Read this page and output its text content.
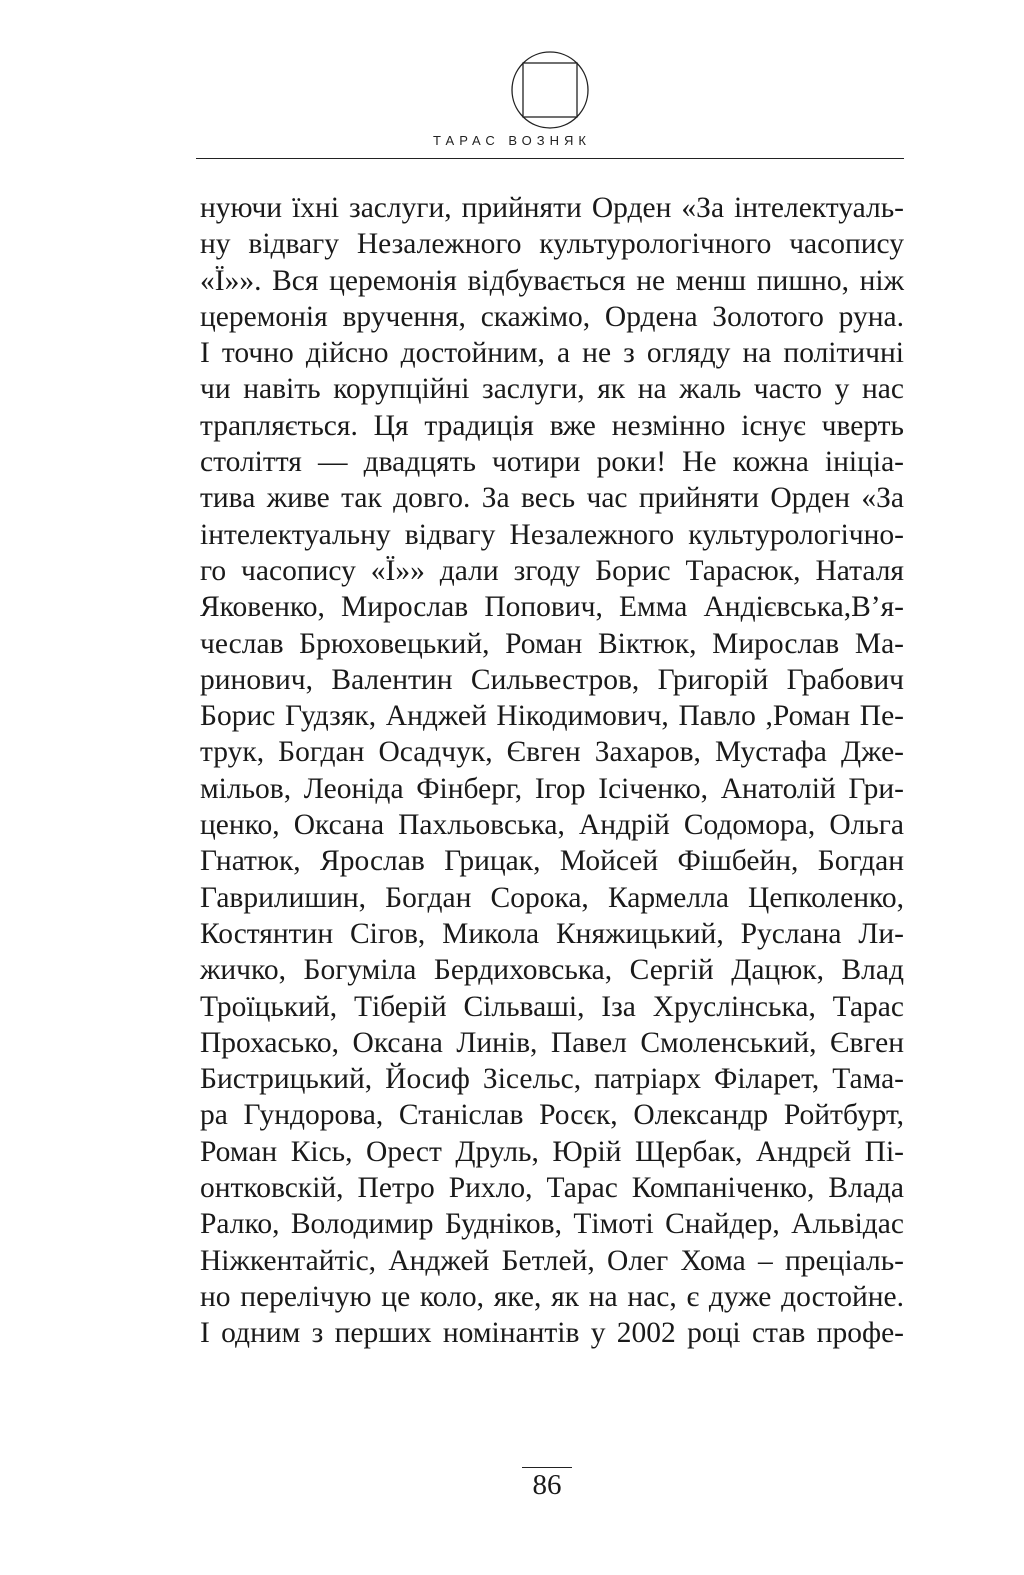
ТАРАС ВОЗНЯК
нуючи їхні заслуги, прийняти Орден «За інтелектуаль-
ну відвагу Незалежного культурологічного часопису
«Ї»». Вся церемонія відбувається не менш пишно, ніж
церемонія вручення, скажімо, Ордена Золотого руна.
І точно дійсно достойним, а не з огляду на політичні
чи навіть корупційні заслуги, як на жаль часто у нас
трапляється. Ця традиція вже незмінно існує чверть
століття — двадцять чотири роки! Не кожна ініціа-
тива живе так довго. За весь час прийняти Орден «За
інтелектуальну відвагу Незалежного культурологічно-
го часопису «Ї»» дали згоду Борис Тарасюк, Наталя
Яковенко, Мирослав Попович, Емма Андієвська,В’я-
чеслав Брюховецький, Роман Віктюк, Мирослав Ма-
ринович, Валентин Сильвестров, Григорій Грабович
Борис Гудзяк, Анджей Нікодимович, Павло ,Роман Пе-
трук, Богдан Осадчук, Євген Захаров, Мустафа Дже-
мільов, Леоніда Фінберг, Ігор Ісіченко, Анатолій Гри-
ценко, Оксана Пахльовська, Андрій Содомора, Ольга
Гнатюк, Ярослав Грицак, Мойсей Фішбейн, Богдан
Гаврилишин, Богдан Сорока, Кармелла Цепколенко,
Костянтин Сігов, Микола Княжицький, Руслана Ли-
жичко, Богуміла Бердиховська, Сергій Дацюк, Влад
Троїцький, Тіберій Сільваші, Іза Хруслінська, Тарас
Прохасько, Оксана Линів, Павел Смоленський, Євген
Бистрицький, Йосиф Зісельс, патріарх Філарет, Тама-
ра Гундорова, Станіслав Росєк, Олександр Ройтбурт,
Роман Кісь, Орест Друль, Юрій Щербак, Андрєй Пі-
онтковскій, Петро Рихло, Тарас Компаніченко, Влада
Ралко, Володимир Будніков, Тімоті Снайдер, Альвідас
Ніжкентайтіс, Анджей Бетлей, Олег Хома – преціаль-
но перелічую це коло, яке, як на нас, є дуже достойне.
І одним з перших номінантів у 2002 році став профе-
86
